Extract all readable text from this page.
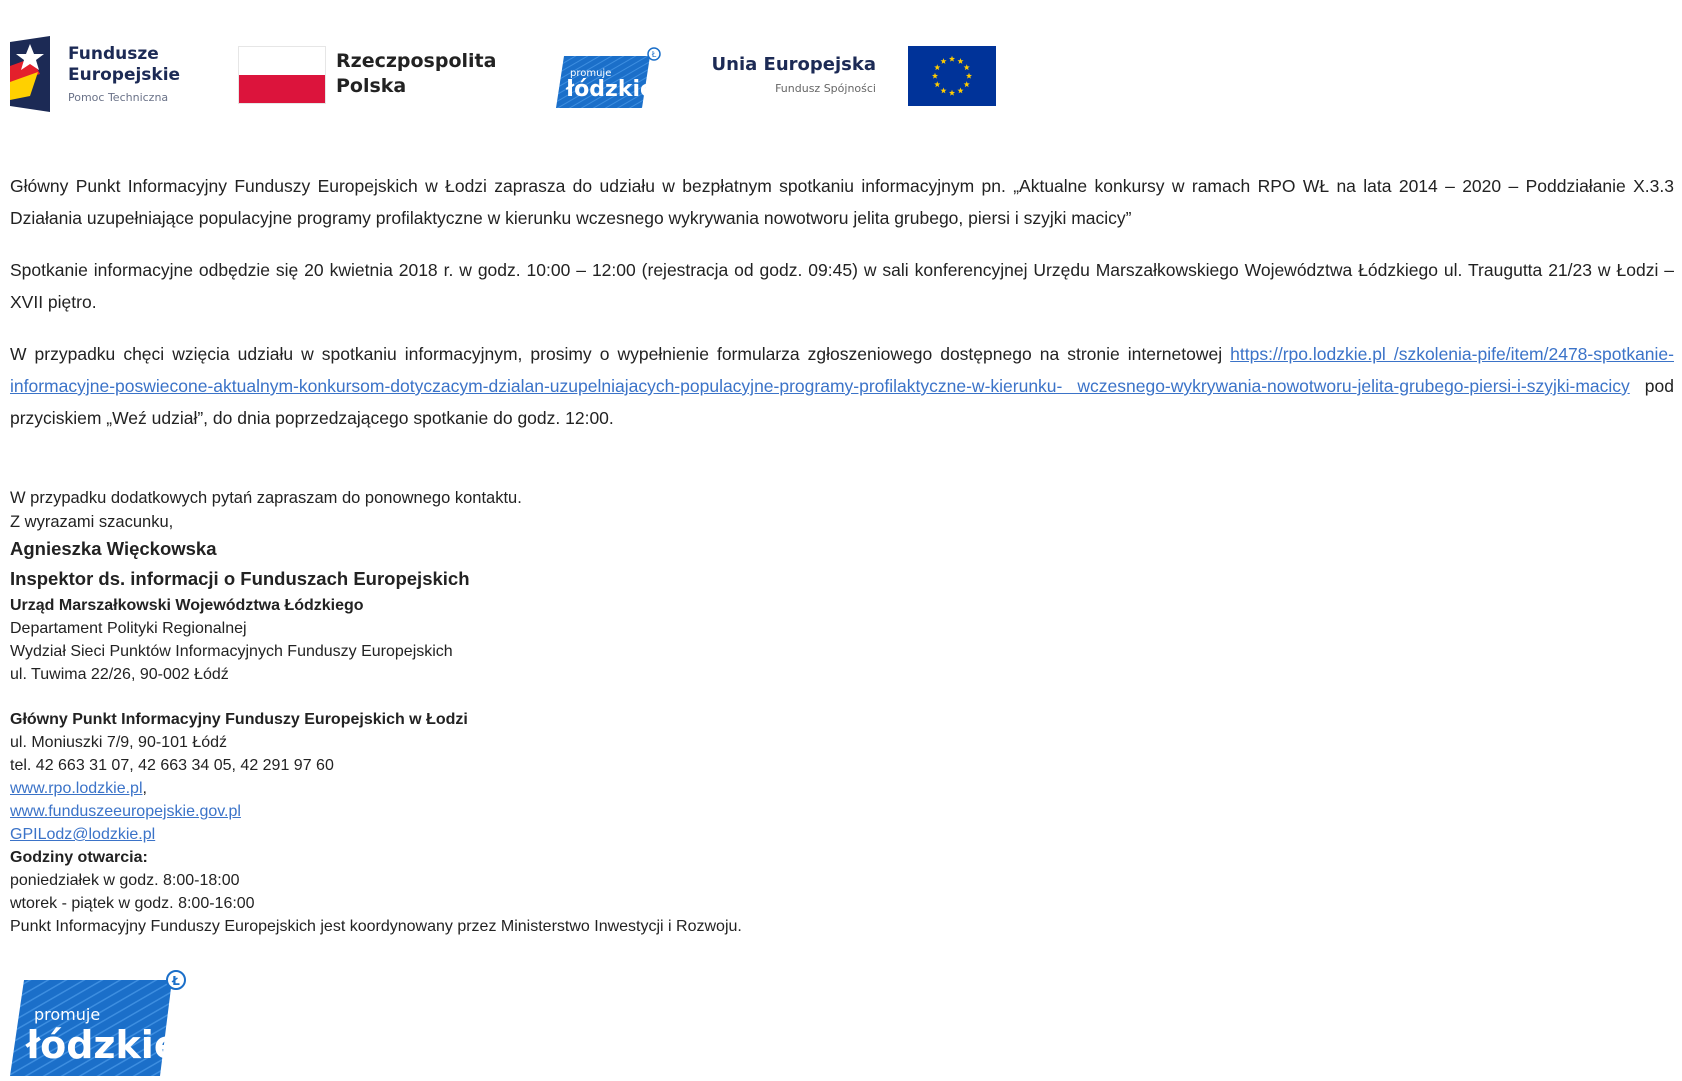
Fundusze
Europejskie
Pomoc Techniczna
Rzeczpospolita
Polska
Ł
promuje
łódzkie
Unia Europejska
Fundusz Spójności

Główny Punkt Informacyjny Funduszy Europejskich w Łodzi zaprasza do udziału w bezpłatnym spotkaniu informacyjnym pn. „Aktualne konkursy w ramach RPO WŁ na lata 2014 – 2020 – Poddziałanie X.3.3 Działania uzupełniające populacyjne programy profilaktyczne w kierunku wczesnego wykrywania nowotworu jelita grubego, piersi i szyjki macicy”

Spotkanie informacyjne odbędzie się 20 kwietnia 2018 r. w godz. 10:00 – 12:00 (rejestracja od godz. 09:45) w sali konferencyjnej Urzędu Marszałkowskiego Województwa Łódzkiego ul. Traugutta 21/23 w Łodzi – XVII piętro.

W przypadku chęci wzięcia udziału w spotkaniu informacyjnym, prosimy o wypełnienie formularza zgłoszeniowego dostępnego na stronie internetowej https://rpo.lodzkie.pl /szkolenia-pife/item/2478-spotkanie-informacyjne-poswiecone-aktualnym-konkursom-dotyczacym-dzialan-uzupelniajacych-populacyjne-programy-profilaktyczne-w-kierunku- wczesnego-wykrywania-nowotworu-jelita-grubego-piersi-i-szyjki-macicy pod przyciskiem „Weź udział”, do dnia poprzedzającego spotkanie do godz. 12:00.

W przypadku dodatkowych pytań zapraszam do ponownego kontaktu.
Z wyrazami szacunku,
Agnieszka Więckowska
Inspektor ds. informacji o Funduszach Europejskich
Urząd Marszałkowski Województwa Łódzkiego
Departament Polityki Regionalnej
Wydział Sieci Punktów Informacyjnych Funduszy Europejskich
ul. Tuwima 22/26, 90-002 Łódź
Główny Punkt Informacyjny Funduszy Europejskich w Łodzi
ul. Moniuszki 7/9, 90-101 Łódź
tel. 42 663 31 07, 42 663 34 05, 42 291 97 60
www.rpo.lodzkie.pl,
www.funduszeeuropejskie.gov.pl
GPILodz@lodzkie.pl
Godziny otwarcia:
poniedziałek w godz. 8:00-18:00
wtorek - piątek w godz. 8:00-16:00
Punkt Informacyjny Funduszy Europejskich jest koordynowany przez Ministerstwo Inwestycji i Rozwoju.
Ł
promuje
łódzkie
